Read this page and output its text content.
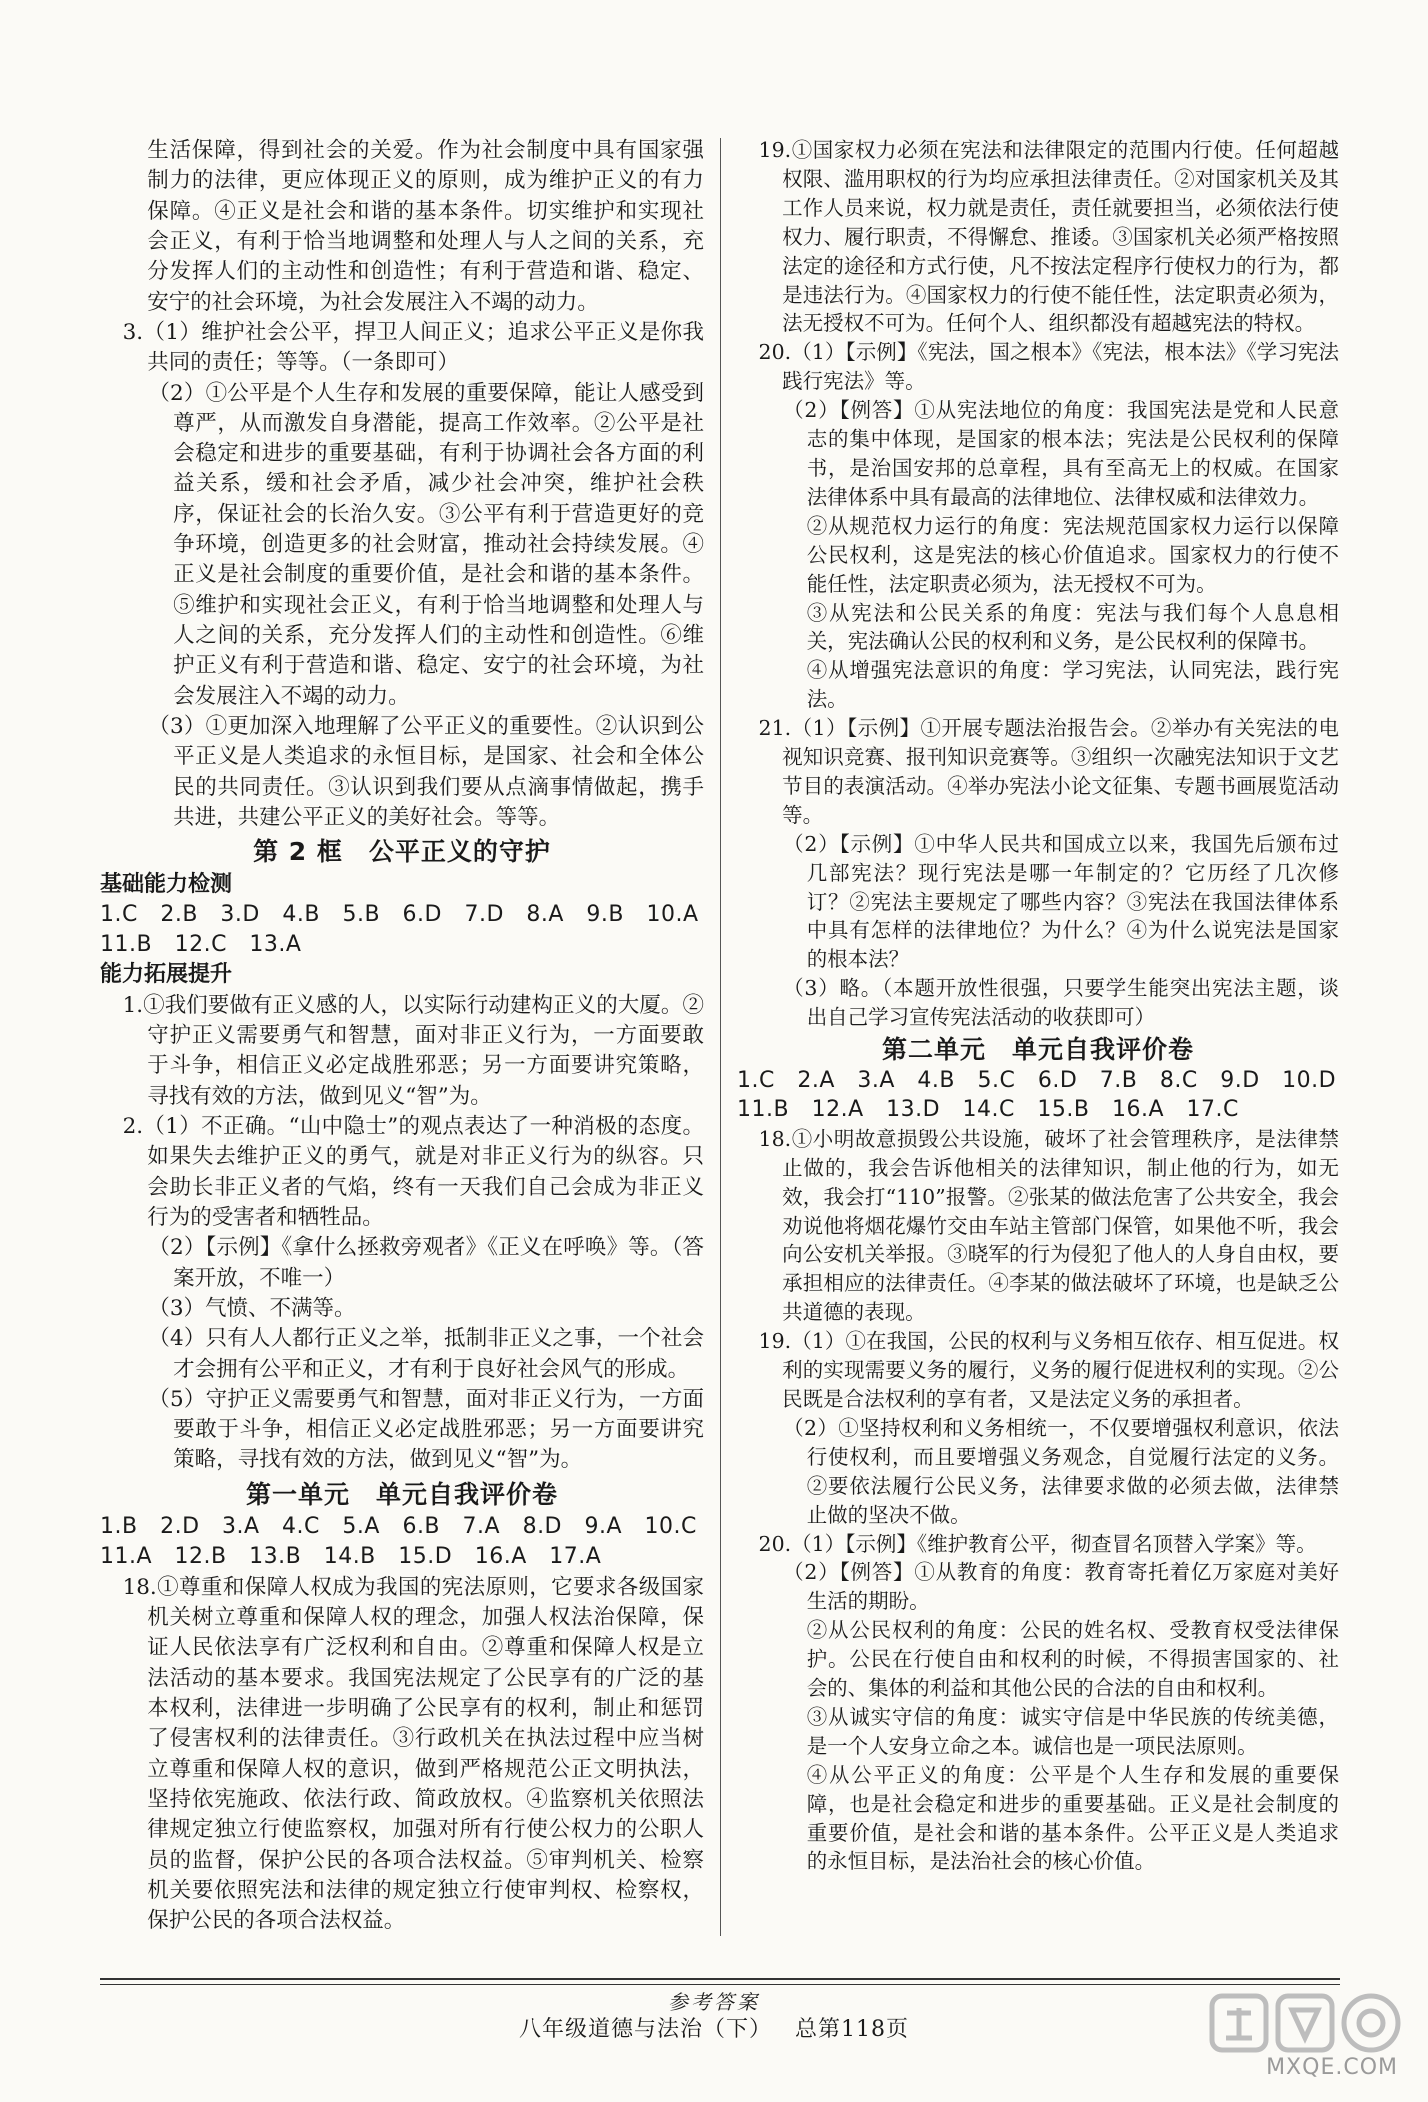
生活保障，得到社会的关爱。作为社会制度中具有国家强制力的法律，更应体现正义的原则，成为维护正义的有力保障。④正义是社会和谐的基本条件。切实维护和实现社会正义，有利于恰当地调整和处理人与人之间的关系，充分发挥人们的主动性和创造性；有利于营造和谐、稳定、安宁的社会环境，为社会发展注入不竭的动力。

3.（1）维护社会公平，捍卫人间正义；追求公平正义是你我共同的责任；等等。（一条即可）

（2）①公平是个人生存和发展的重要保障，能让人感受到尊严，从而激发自身潜能，提高工作效率。②公平是社会稳定和进步的重要基础，有利于协调社会各方面的利益关系，缓和社会矛盾，减少社会冲突，维护社会秩序，保证社会的长治久安。③公平有利于营造更好的竞争环境，创造更多的社会财富，推动社会持续发展。④正义是社会制度的重要价值，是社会和谐的基本条件。⑤维护和实现社会正义，有利于恰当地调整和处理人与人之间的关系，充分发挥人们的主动性和创造性。⑥维护正义有利于营造和谐、稳定、安宁的社会环境，为社会发展注入不竭的动力。

（3）①更加深入地理解了公平正义的重要性。②认识到公平正义是人类追求的永恒目标，是国家、社会和全体公民的共同责任。③认识到我们要从点滴事情做起，携手共进，共建公平正义的美好社会。等等。

第 2 框　公平正义的守护

基础能力检测

1.C　2.B　3.D　4.B　5.B　6.D　7.D　8.A　9.B　10.A

11.B　12.C　13.A

能力拓展提升

1.①我们要做有正义感的人，以实际行动建构正义的大厦。②守护正义需要勇气和智慧，面对非正义行为，一方面要敢于斗争，相信正义必定战胜邪恶；另一方面要讲究策略，寻找有效的方法，做到见义“智”为。

2.（1）不正确。“山中隐士”的观点表达了一种消极的态度。如果失去维护正义的勇气，就是对非正义行为的纵容。只会助长非正义者的气焰，终有一天我们自己会成为非正义行为的受害者和牺牲品。

（2）【示例】《拿什么拯救旁观者》《正义在呼唤》等。（答案开放，不唯一）

（3）气愤、不满等。

（4）只有人人都行正义之举，抵制非正义之事，一个社会才会拥有公平和正义，才有利于良好社会风气的形成。

（5）守护正义需要勇气和智慧，面对非正义行为，一方面要敢于斗争，相信正义必定战胜邪恶；另一方面要讲究策略，寻找有效的方法，做到见义“智”为。

第一单元　单元自我评价卷

1.B　2.D　3.A　4.C　5.A　6.B　7.A　8.D　9.A　10.C

11.A　12.B　13.B　14.B　15.D　16.A　17.A

18.①尊重和保障人权成为我国的宪法原则，它要求各级国家机关树立尊重和保障人权的理念，加强人权法治保障，保证人民依法享有广泛权利和自由。②尊重和保障人权是立法活动的基本要求。我国宪法规定了公民享有的广泛的基本权利，法律进一步明确了公民享有的权利，制止和惩罚了侵害权利的法律责任。③行政机关在执法过程中应当树立尊重和保障人权的意识，做到严格规范公正文明执法，坚持依宪施政、依法行政、简政放权。④监察机关依照法律规定独立行使监察权，加强对所有行使公权力的公职人员的监督，保护公民的各项合法权益。⑤审判机关、检察机关要依照宪法和法律的规定独立行使审判权、检察权，保护公民的各项合法权益。

19.①国家权力必须在宪法和法律限定的范围内行使。任何超越权限、滥用职权的行为均应承担法律责任。②对国家机关及其工作人员来说，权力就是责任，责任就要担当，必须依法行使权力、履行职责，不得懈怠、推诿。③国家机关必须严格按照法定的途径和方式行使，凡不按法定程序行使权力的行为，都是违法行为。④国家权力的行使不能任性，法定职责必须为，法无授权不可为。任何个人、组织都没有超越宪法的特权。

20.（1）【示例】《宪法，国之根本》《宪法，根本法》《学习宪法践行宪法》等。

（2）【例答】①从宪法地位的角度：我国宪法是党和人民意志的集中体现，是国家的根本法；宪法是公民权利的保障书，是治国安邦的总章程，具有至高无上的权威。在国家法律体系中具有最高的法律地位、法律权威和法律效力。

②从规范权力运行的角度：宪法规范国家权力运行以保障公民权利，这是宪法的核心价值追求。国家权力的行使不能任性，法定职责必须为，法无授权不可为。

③从宪法和公民关系的角度：宪法与我们每个人息息相关，宪法确认公民的权利和义务，是公民权利的保障书。

④从增强宪法意识的角度：学习宪法，认同宪法，践行宪法。

21.（1）【示例】①开展专题法治报告会。②举办有关宪法的电视知识竞赛、报刊知识竞赛等。③组织一次融宪法知识于文艺节目的表演活动。④举办宪法小论文征集、专题书画展览活动等。

（2）【示例】①中华人民共和国成立以来，我国先后颁布过几部宪法？现行宪法是哪一年制定的？它历经了几次修订？②宪法主要规定了哪些内容？③宪法在我国法律体系中具有怎样的法律地位？为什么？④为什么说宪法是国家的根本法？

（3）略。（本题开放性很强，只要学生能突出宪法主题，谈出自己学习宣传宪法活动的收获即可）

第二单元　单元自我评价卷

1.C　2.A　3.A　4.B　5.C　6.D　7.B　8.C　9.D　10.D

11.B　12.A　13.D　14.C　15.B　16.A　17.C

18.①小明故意损毁公共设施，破坏了社会管理秩序，是法律禁止做的，我会告诉他相关的法律知识，制止他的行为，如无效，我会打“110”报警。②张某的做法危害了公共安全，我会劝说他将烟花爆竹交由车站主管部门保管，如果他不听，我会向公安机关举报。③晓军的行为侵犯了他人的人身自由权，要承担相应的法律责任。④李某的做法破坏了环境，也是缺乏公共道德的表现。

19.（1）①在我国，公民的权利与义务相互依存、相互促进。权利的实现需要义务的履行，义务的履行促进权利的实现。②公民既是合法权利的享有者，又是法定义务的承担者。

（2）①坚持权利和义务相统一，不仅要增强权利意识，依法行使权利，而且要增强义务观念，自觉履行法定的义务。②要依法履行公民义务，法律要求做的必须去做，法律禁止做的坚决不做。

20.（1）【示例】《维护教育公平，彻查冒名顶替入学案》等。

（2）【例答】①从教育的角度：教育寄托着亿万家庭对美好生活的期盼。

②从公民权利的角度：公民的姓名权、受教育权受法律保护。公民在行使自由和权利的时候，不得损害国家的、社会的、集体的利益和其他公民的合法的自由和权利。

③从诚实守信的角度：诚实守信是中华民族的传统美德，是一个人安身立命之本。诚信也是一项民法原则。

④从公平正义的角度：公平是个人生存和发展的重要保障，也是社会稳定和进步的重要基础。正义是社会制度的重要价值，是社会和谐的基本条件。公平正义是人类追求的永恒目标，是法治社会的核心价值。

参考答案
八年级道德与法治（下）  总第118页
MXQE.COM
